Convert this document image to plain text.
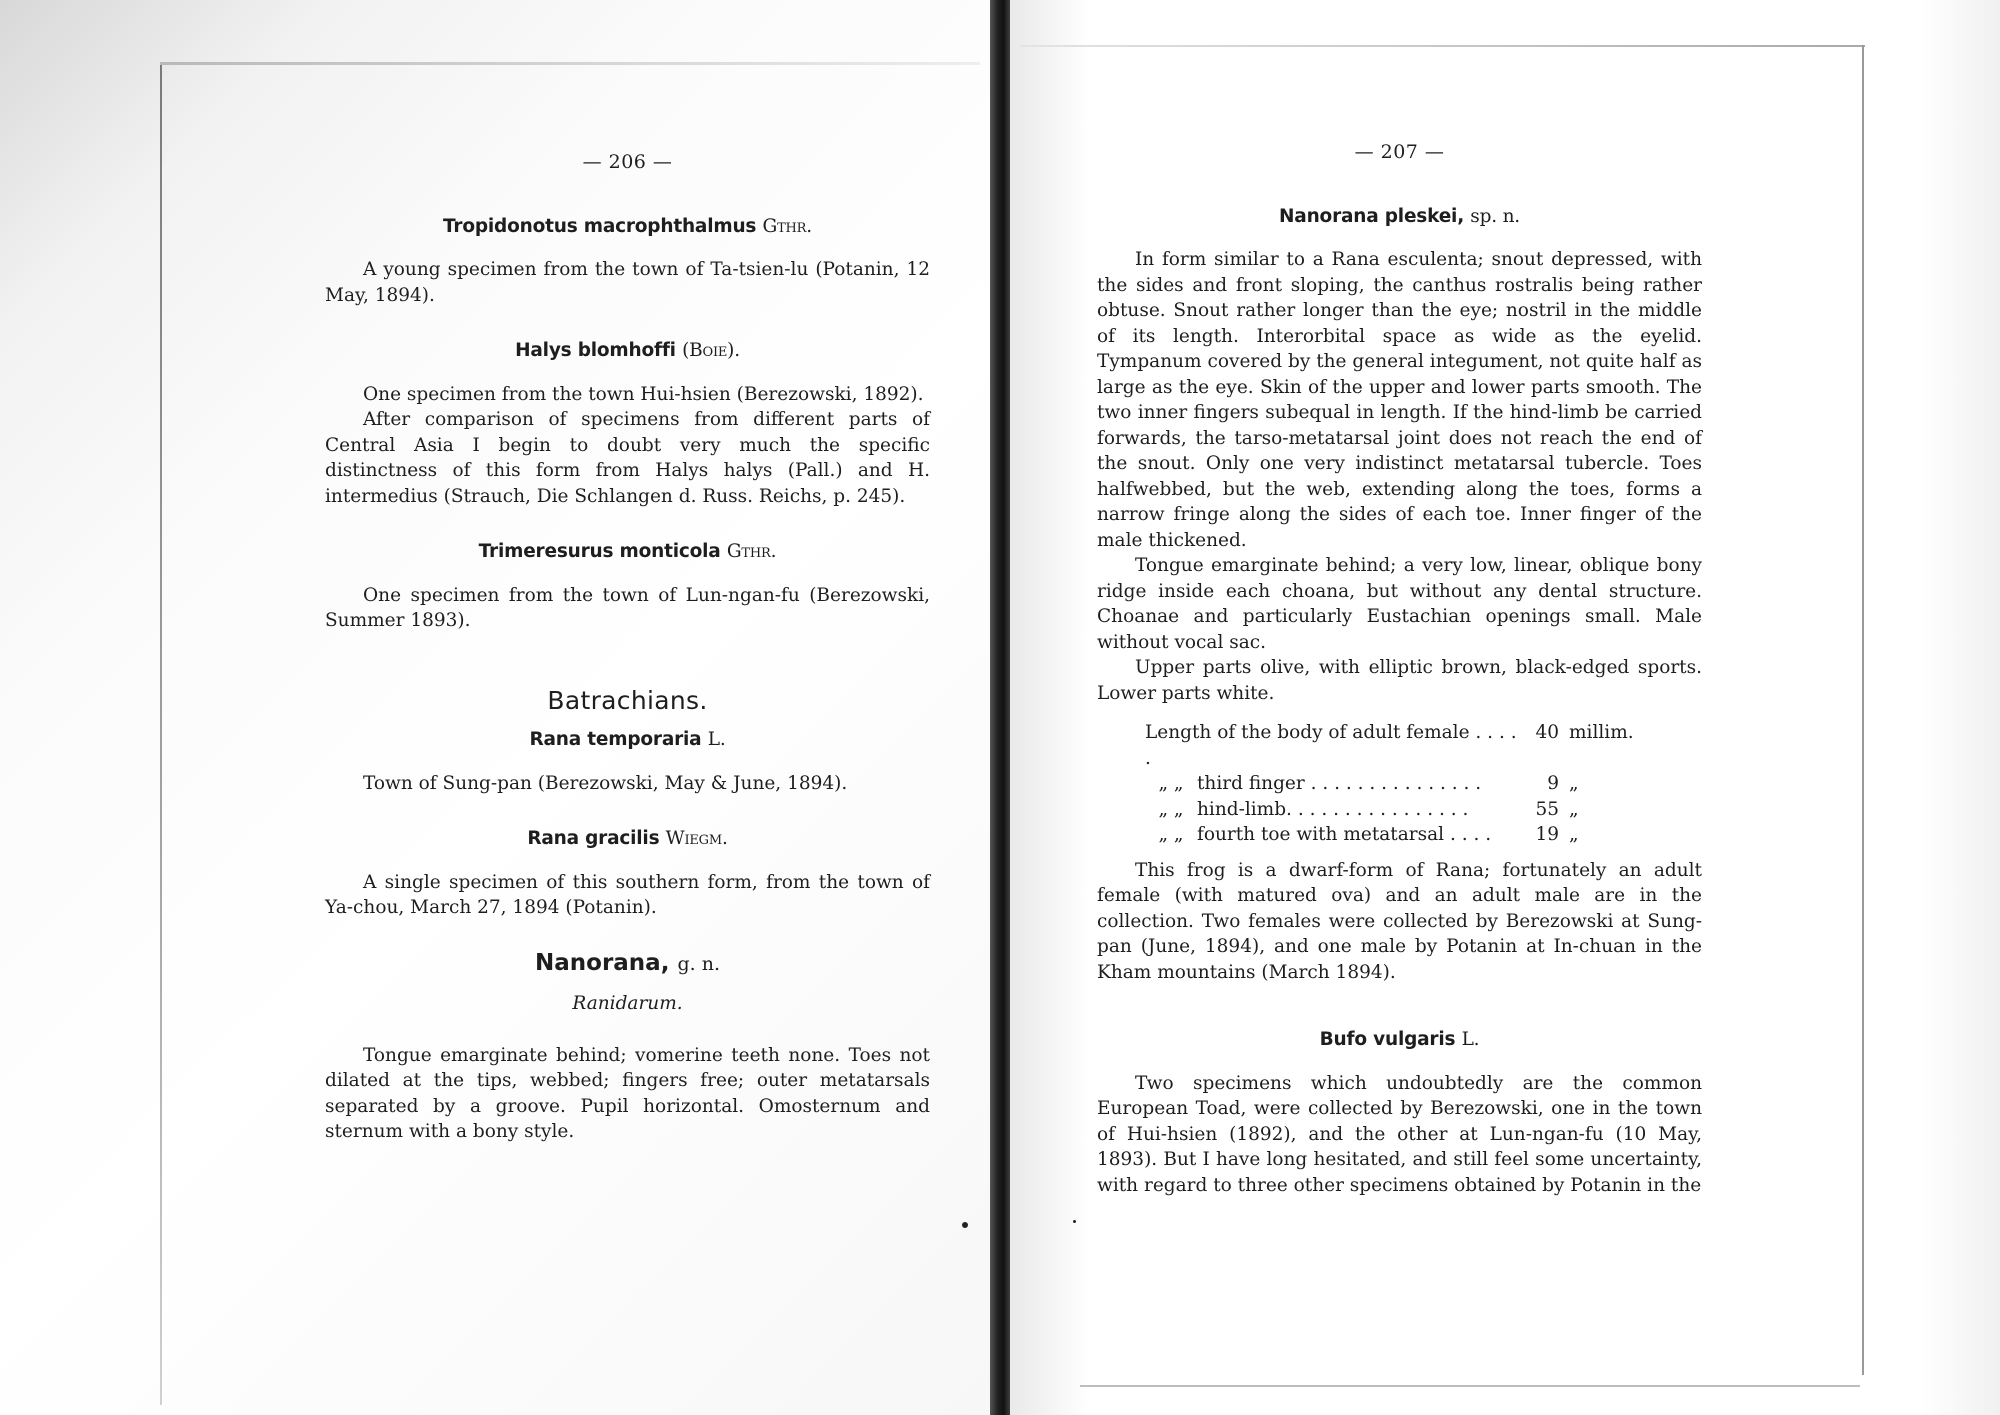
— 206 —
Tropidonotus macrophthalmus Gthr.

A young specimen from the town of Ta-tsien-lu (Potanin, 12 May, 1894).

Halys blomhoffi (Boie).

One specimen from the town Hui-hsien (Berezowski, 1892).

After comparison of specimens from different parts of Central Asia I begin to doubt very much the specific distinctness of this form from Halys halys (Pall.) and H. intermedius (Strauch, Die Schlangen d. Russ. Reichs, p. 245).

Trimeresurus monticola Gthr.

One specimen from the town of Lun-ngan-fu (Berezowski, Summer 1893).

Batrachians.
Rana temporaria L.

Town of Sung-pan (Berezowski, May & June, 1894).

Rana gracilis Wiegm.

A single specimen of this southern form, from the town of Ya-chou, March 27, 1894 (Potanin).

Nanorana, g. n.
Ranidarum.

Tongue emarginate behind; vomerine teeth none. Toes not dilated at the tips, webbed; fingers free; outer metatarsals separated by a groove. Pupil horizontal. Omosternum and sternum with a bony style.

— 207 —
Nanorana pleskei, sp. n.

In form similar to a Rana esculenta; snout depressed, with the sides and front sloping, the canthus rostralis being rather obtuse. Snout rather longer than the eye; nostril in the middle of its length. Interorbital space as wide as the eyelid. Tympanum covered by the general integument, not quite half as large as the eye. Skin of the upper and lower parts smooth. The two inner fingers subequal in length. If the hind-limb be carried forwards, the tarso-metatarsal joint does not reach the end of the snout. Only one very indistinct metatarsal tubercle. Toes halfwebbed, but the web, extending along the toes, forms a narrow fringe along the sides of each toe. Inner finger of the male thickened.

Tongue emarginate behind; a very low, linear, oblique bony ridge inside each choana, but without any dental structure. Choanae and particularly Eustachian openings small. Male without vocal sac.

Upper parts olive, with elliptic brown, black-edged sports. Lower parts white.

Length of the body of adult female . . . . .		40	millim.
„ „	third finger . . . . . . . . . . . . . . .	9	„
„ „	hind-limb. . . . . . . . . . . . . . . .	55	„
„ „	fourth toe with metatarsal . . . .	19	„

This frog is a dwarf-form of Rana; fortunately an adult female (with matured ova) and an adult male are in the collection. Two females were collected by Berezowski at Sung-pan (June, 1894), and one male by Potanin at In-chuan in the Kham mountains (March 1894).

Bufo vulgaris L.

Two specimens which undoubtedly are the common European Toad, were collected by Berezowski, one in the town of Hui-hsien (1892), and the other at Lun-ngan-fu (10 May, 1893). But I have long hesitated, and still feel some uncertainty, with regard to three other specimens obtained by Potanin in the
